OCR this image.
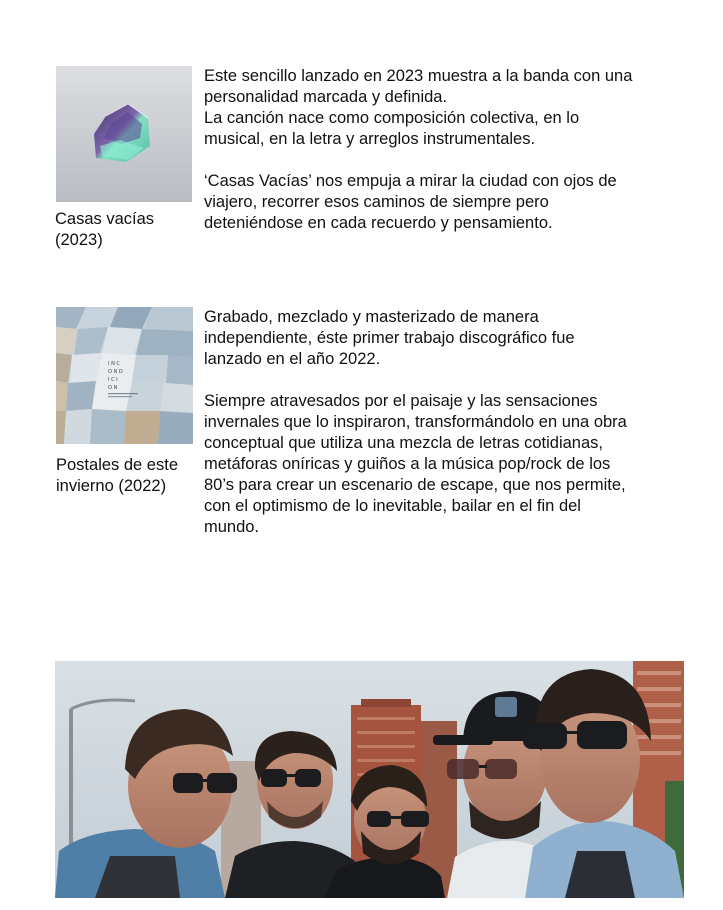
Casas vacías
(2023)

Este sencillo lanzado en 2023 muestra a la banda con una
personalidad marcada y definida.
La canción nace como composición colectiva, en lo
musical, en la letra y arreglos instrumentales.

‘Casas Vacías’ nos empuja a mirar la ciudad con ojos de
viajero, recorrer esos caminos de siempre pero
deteniéndose en cada recuerdo y pensamiento.

I N C
O N D
I C I
O N
Postales de este
invierno (2022)

Grabado, mezclado y masterizado de manera
independiente, éste primer trabajo discográfico fue
lanzado en el año 2022.

Siempre atravesados por el paisaje y las sensaciones
invernales que lo inspiraron, transformándolo en una obra
conceptual que utiliza una mezcla de letras cotidianas,
metáforas oníricas y guiños a la música pop/rock de los
80’s para crear un escenario de escape, que nos permite,
con el optimismo de lo inevitable, bailar en el fin del
mundo.
